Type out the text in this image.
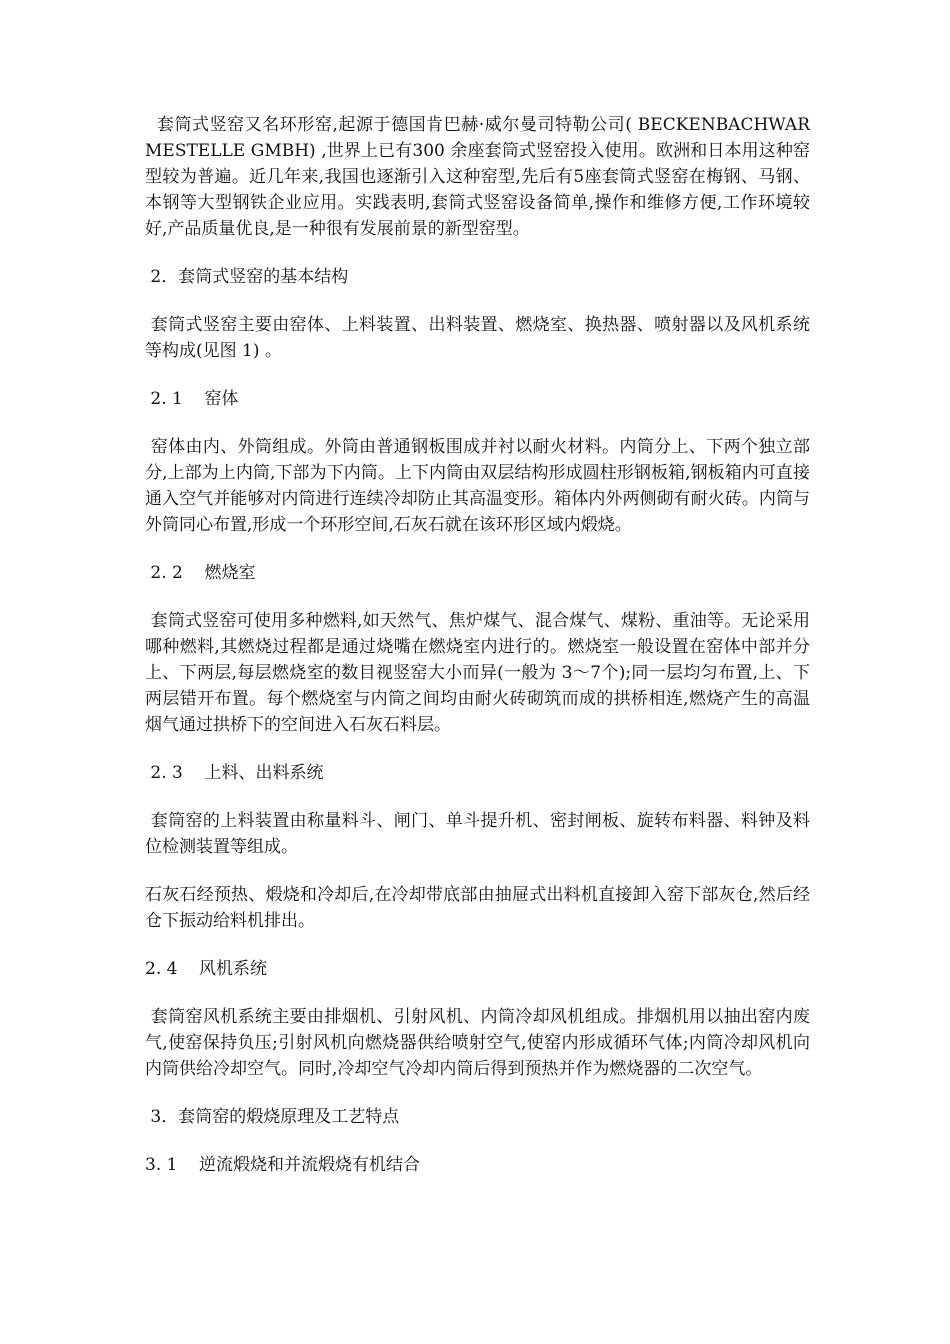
套筒式竖窑又名环形窑,起源于德国肯巴赫·威尔曼司特勒公司( BECKENBACHWARMESTELLE GMBH) ,世界上已有300 余座套筒式竖窑投入使用。欧洲和日本用这种窑型较为普遍。近几年来,我国也逐渐引入这种窑型,先后有5座套筒式竖窑在梅钢、马钢、本钢等大型钢铁企业应用。实践表明,套筒式竖窑设备简单,操作和维修方便,工作环境较好,产品质量优良,是一种很有发展前景的新型窑型。

2．套筒式竖窑的基本结构

套筒式竖窑主要由窑体、上料装置、出料装置、燃烧室、换热器、喷射器以及风机系统等构成(见图 1) 。

2. 1    窑体

窑体由内、外筒组成。外筒由普通钢板围成并衬以耐火材料。内筒分上、下两个独立部分,上部为上内筒,下部为下内筒。上下内筒由双层结构形成圆柱形钢板箱,钢板箱内可直接通入空气并能够对内筒进行连续冷却防止其高温变形。箱体内外两侧砌有耐火砖。内筒与外筒同心布置,形成一个环形空间,石灰石就在该环形区域内煅烧。

2. 2    燃烧室

套筒式竖窑可使用多种燃料,如天然气、焦炉煤气、混合煤气、煤粉、重油等。无论采用哪种燃料,其燃烧过程都是通过烧嘴在燃烧室内进行的。燃烧室一般设置在窑体中部并分上、下两层,每层燃烧室的数目视竖窑大小而异(一般为 3～7个);同一层均匀布置,上、下两层错开布置。每个燃烧室与内筒之间均由耐火砖砌筑而成的拱桥相连,燃烧产生的高温烟气通过拱桥下的空间进入石灰石料层。

2. 3    上料、出料系统

套筒窑的上料装置由称量料斗、闸门、单斗提升机、密封闸板、旋转布料器、料钟及料位检测装置等组成。

石灰石经预热、煅烧和冷却后,在冷却带底部由抽屉式出料机直接卸入窑下部灰仓,然后经仓下振动给料机排出。

2. 4    风机系统

套筒窑风机系统主要由排烟机、引射风机、内筒冷却风机组成。排烟机用以抽出窑内废气,使窑保持负压;引射风机向燃烧器供给喷射空气,使窑内形成循环气体;内筒冷却风机向内筒供给冷却空气。同时,冷却空气冷却内筒后得到预热并作为燃烧器的二次空气。

3．套筒窑的煅烧原理及工艺特点

3. 1    逆流煅烧和并流煅烧有机结合
